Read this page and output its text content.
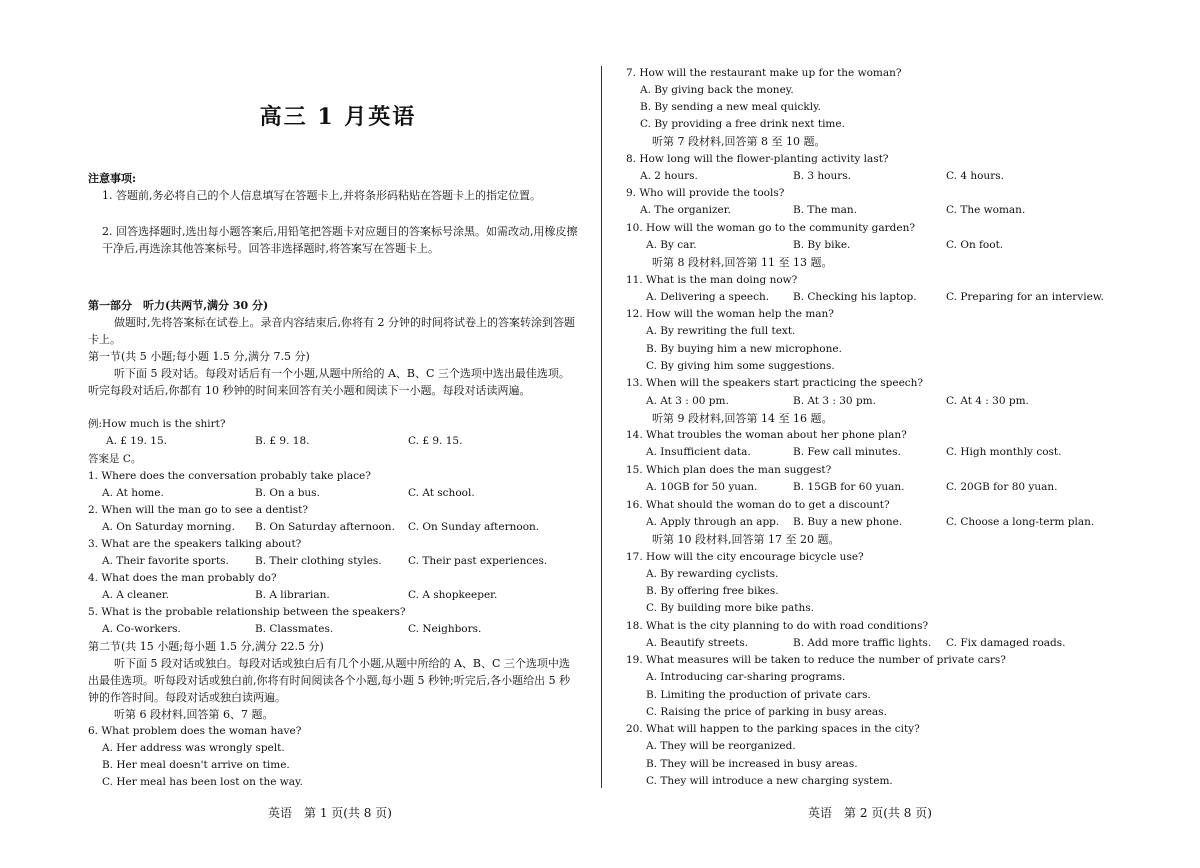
高三 1 月英语
注意事项:
1. 答题前,务必将自己的个人信息填写在答题卡上,并将条形码粘贴在答题卡上的指定位置。
2. 回答选择题时,选出每小题答案后,用铅笔把答题卡对应题目的答案标号涂黑。如需改动,用橡皮擦干净后,再选涂其他答案标号。回答非选择题时,将答案写在答题卡上。
第一部分　听力(共两节,满分 30 分)
做题时,先将答案标在试卷上。录音内容结束后,你将有 2 分钟的时间将试卷上的答案转涂到答题卡上。
第一节(共 5 小题;每小题 1.5 分,满分 7.5 分)
听下面 5 段对话。每段对话后有一个小题,从题中所给的 A、B、C 三个选项中选出最佳选项。听完每段对话后,你都有 10 秒钟的时间来回答有关小题和阅读下一小题。每段对话读两遍。
例:How much is the shirt?
A. £ 19. 15.	B. £ 9. 18.	C. £ 9. 15.
答案是 C。
1. Where does the conversation probably take place?
A. At home.	B. On a bus.	C. At school.
2. When will the man go to see a dentist?
A. On Saturday morning. B. On Saturday afternoon. C. On Sunday afternoon.
3. What are the speakers talking about?
A. Their favorite sports. B. Their clothing styles.	C. Their past experiences.
4. What does the man probably do?
A. A cleaner.	B. A librarian.	C. A shopkeeper.
5. What is the probable relationship between the speakers?
A. Co-workers.	B. Classmates.	C. Neighbors.
第二节(共 15 小题;每小题 1.5 分,满分 22.5 分)
听下面 5 段对话或独白。每段对话或独白后有几个小题,从题中所给的 A、B、C 三个选项中选出最佳选项。听每段对话或独白前,你将有时间阅读各个小题,每小题 5 秒钟;听完后,各小题给出 5 秒钟的作答时间。每段对话或独白读两遍。
听第 6 段材料,回答第 6、7 题。
6. What problem does the woman have?
A. Her address was wrongly spelt.
B. Her meal doesn't arrive on time.
C. Her meal has been lost on the way.
英语　第 1 页(共 8 页)
7. How will the restaurant make up for the woman?
A. By giving back the money.
B. By sending a new meal quickly.
C. By providing a free drink next time.
听第 7 段材料,回答第 8 至 10 题。
8. How long will the flower-planting activity last?
A. 2 hours.	B. 3 hours.	C. 4 hours.
9. Who will provide the tools?
A. The organizer.	B. The man.	C. The woman.
10. How will the woman go to the community garden?
A. By car.	B. By bike.	C. On foot.
听第 8 段材料,回答第 11 至 13 题。
11. What is the man doing now?
A. Delivering a speech. B. Checking his laptop.	C. Preparing for an interview.
12. How will the woman help the man?
A. By rewriting the full text.
B. By buying him a new microphone.
C. By giving him some suggestions.
13. When will the speakers start practicing the speech?
A. At 3 : 00 pm.	B. At 3 : 30 pm.	C. At 4 : 30 pm.
听第 9 段材料,回答第 14 至 16 题。
14. What troubles the woman about her phone plan?
A. Insufficient data.	B. Few call minutes.	C. High monthly cost.
15. Which plan does the man suggest?
A. 10GB for 50 yuan.	B. 15GB for 60 yuan.	C. 20GB for 80 yuan.
16. What should the woman do to get a discount?
A. Apply through an app. B. Buy a new phone.	C. Choose a long-term plan.
听第 10 段材料,回答第 17 至 20 题。
17. How will the city encourage bicycle use?
A. By rewarding cyclists.
B. By offering free bikes.
C. By building more bike paths.
18. What is the city planning to do with road conditions?
A. Beautify streets.	B. Add more traffic lights. C. Fix damaged roads.
19. What measures will be taken to reduce the number of private cars?
A. Introducing car-sharing programs.
B. Limiting the production of private cars.
C. Raising the price of parking in busy areas.
20. What will happen to the parking spaces in the city?
A. They will be reorganized.
B. They will be increased in busy areas.
C. They will introduce a new charging system.
英语　第 2 页(共 8 页)
